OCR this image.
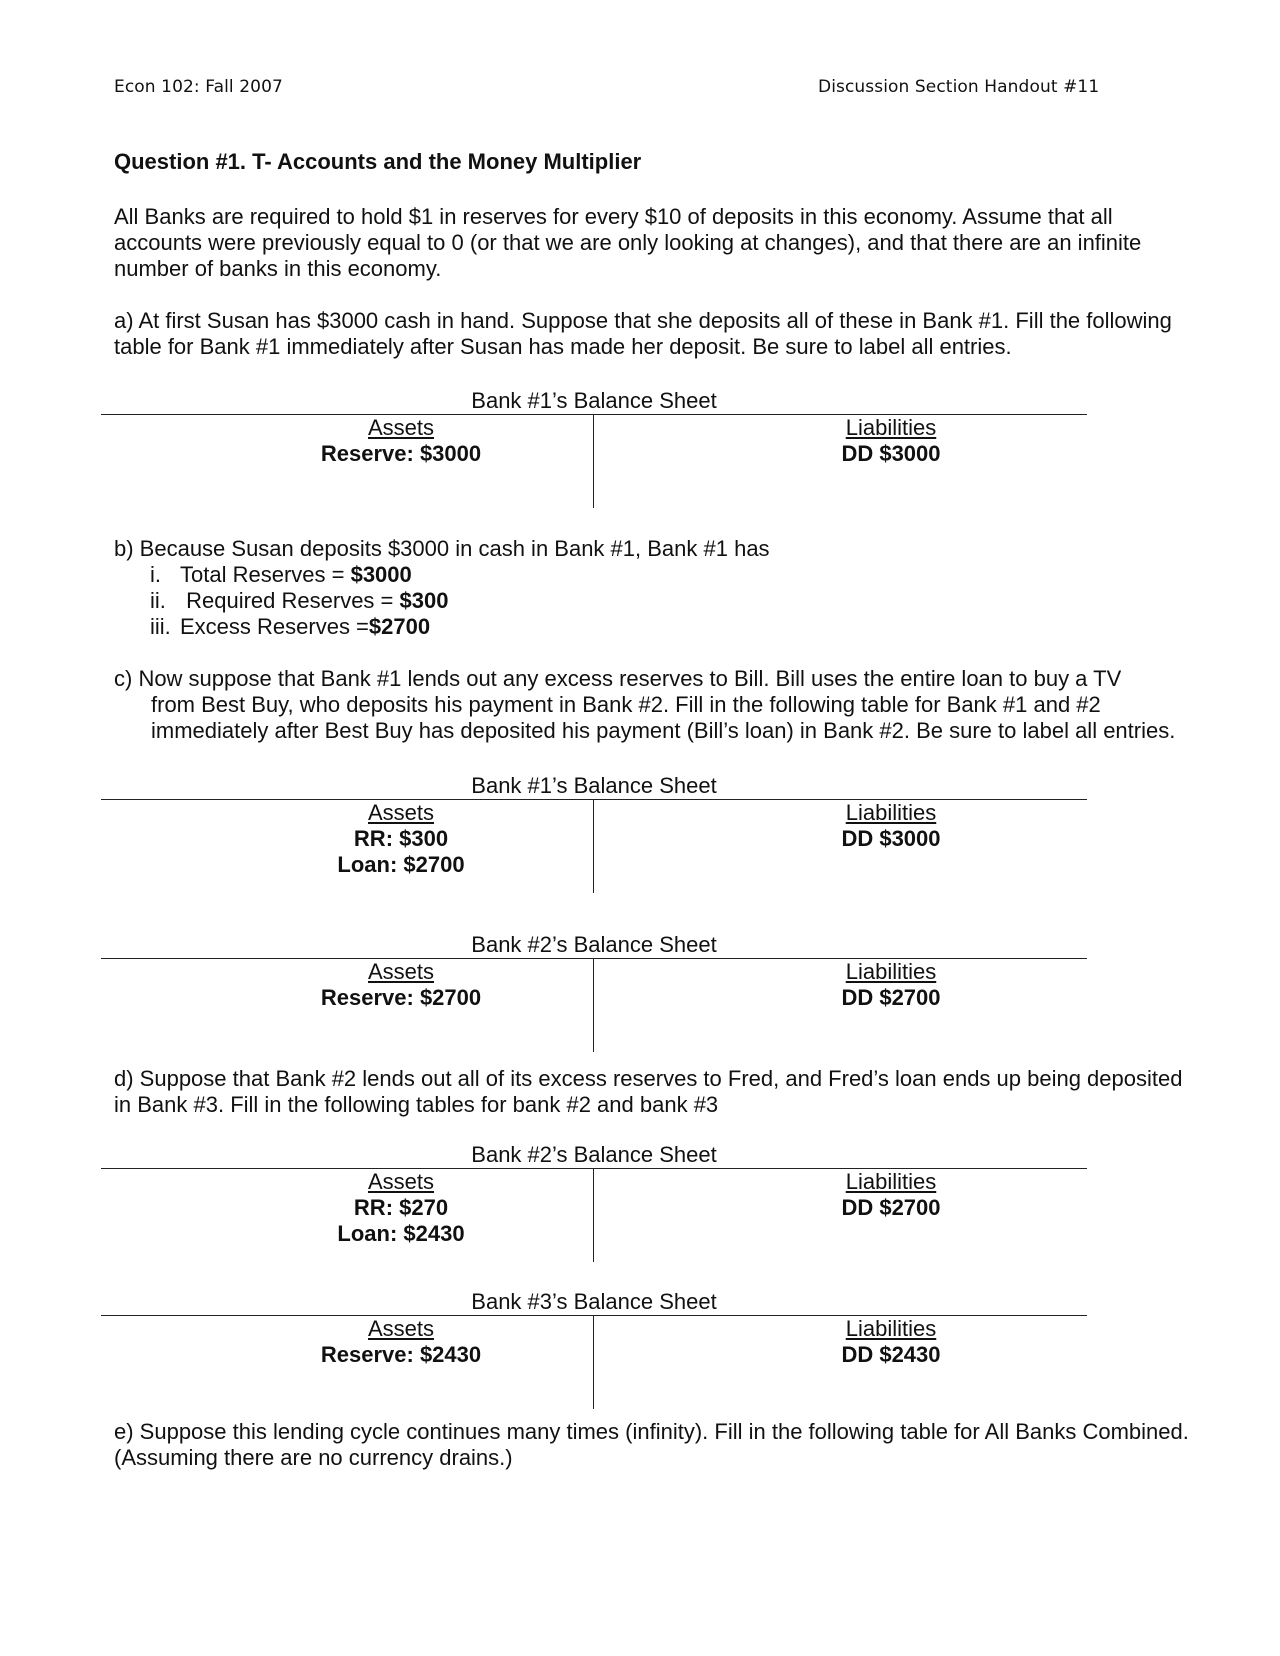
Econ 102: Fall 2007	Discussion Section Handout #11
Question #1. T- Accounts and the Money Multiplier
All Banks are required to hold $1 in reserves for every $10 of deposits in this economy. Assume that all accounts were previously equal to 0 (or that we are only looking at changes), and that there are an infinite number of banks in this economy.
a) At first Susan has $3000 cash in hand. Suppose that she deposits all of these in Bank #1. Fill the following table for Bank #1 immediately after Susan has made her deposit. Be sure to label all entries.
Bank #1’s Balance Sheet
Assets
Reserve: $3000
Liabilities
DD $3000
b) Because Susan deposits $3000 in cash in Bank #1, Bank #1 has
i. Total Reserves = $3000
ii. Required Reserves = $300
iii. Excess Reserves = $2700
c) Now suppose that Bank #1 lends out any excess reserves to Bill. Bill uses the entire loan to buy a TV
from Best Buy, who deposits his payment in Bank #2. Fill in the following table for Bank #1 and #2 immediately after Best Buy has deposited his payment (Bill’s loan) in Bank #2. Be sure to label all entries.
Bank #1’s Balance Sheet
Assets
RR: $300
Loan: $2700
Liabilities
DD $3000
Bank #2’s Balance Sheet
Assets
Reserve: $2700
Liabilities
DD $2700
d) Suppose that Bank #2 lends out all of its excess reserves to Fred, and Fred’s loan ends up being deposited in Bank #3. Fill in the following tables for bank #2 and bank #3
Bank #2’s Balance Sheet
Assets
RR: $270
Loan: $2430
Liabilities
DD $2700
Bank #3’s Balance Sheet
Assets
Reserve: $2430
Liabilities
DD $2430
e) Suppose this lending cycle continues many times (infinity). Fill in the following table for All Banks Combined. (Assuming there are no currency drains.)
